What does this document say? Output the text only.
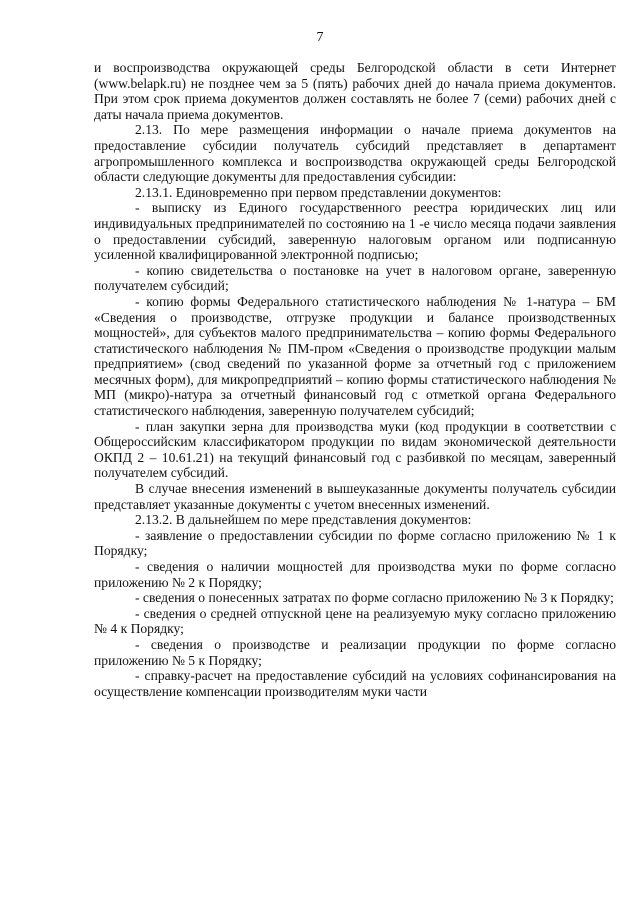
7

и воспроизводства окружающей среды Белгородской области в сети Интернет (www.belapk.ru) не позднее чем за 5 (пять) рабочих дней до начала приема документов. При этом срок приема документов должен составлять не более 7 (семи) рабочих дней с даты начала приема документов.

2.13. По мере размещения информации о начале приема документов на предоставление субсидии получатель субсидий представляет в департамент агропромышленного комплекса и воспроизводства окружающей среды Белгородской области следующие документы для предоставления субсидии:

2.13.1. Единовременно при первом представлении документов:

- выписку из Единого государственного реестра юридических лиц или индивидуальных предпринимателей по состоянию на 1 -е число месяца подачи заявления о предоставлении субсидий, заверенную налоговым органом или подписанную усиленной квалифицированной электронной подписью;

- копию свидетельства о постановке на учет в налоговом органе, заверенную получателем субсидий;

- копию формы Федерального статистического наблюдения № 1-натура – БМ «Сведения о производстве, отгрузке продукции и балансе производственных мощностей», для субъектов малого предпринимательства – копию формы Федерального статистического наблюдения № ПМ-пром «Сведения о производстве продукции малым предприятием» (свод сведений по указанной форме за отчетный год с приложением месячных форм), для микропредприятий – копию формы статистического наблюдения № МП (микро)-натура за отчетный финансовый год с отметкой органа Федерального статистического наблюдения, заверенную получателем субсидий;

- план закупки зерна для производства муки (код продукции в соответствии с Общероссийским классификатором продукции по видам экономической деятельности ОКПД 2 – 10.61.21) на текущий финансовый год с разбивкой по месяцам, заверенный получателем субсидий.

В случае внесения изменений в вышеуказанные документы получатель субсидии представляет указанные документы с учетом внесенных изменений.

2.13.2. В дальнейшем по мере представления документов:

- заявление о предоставлении субсидии по форме согласно приложению № 1 к Порядку;

- сведения о наличии мощностей для производства муки по форме согласно приложению № 2 к Порядку;

- сведения о понесенных затратах по форме согласно приложению № 3 к Порядку;

- сведения о средней отпускной цене на реализуемую муку согласно приложению № 4 к Порядку;

- сведения о производстве и реализации продукции по форме согласно приложению № 5 к Порядку;

- справку-расчет на предоставление субсидий на условиях софинансирования на осуществление компенсации производителям муки части
